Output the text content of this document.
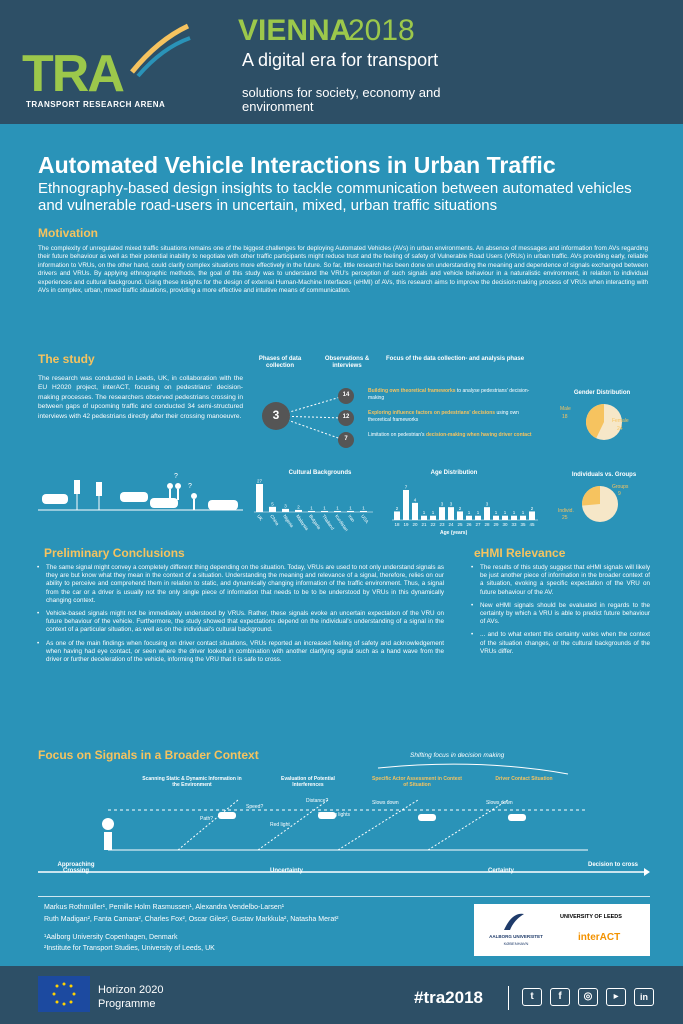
TRA
TRANSPORT RESEARCH ARENA
VIENNA
2018
A digital era for transport
solutions for society, economy and environment
Automated Vehicle Interactions in Urban Traffic
Ethnography-based design insights to tackle communication between automated vehicles and vulnerable road-users in uncertain, mixed, urban traffic situations
Motivation
The complexity of unregulated mixed traffic situations remains one of the biggest challenges for deploying Automated Vehicles (AVs) in urban environments. An absence of messages and information from AVs regarding their future behaviour as well as their potential inability to negotiate with other traffic participants might reduce trust and the feeling of safety of Vulnerable Road Users (VRUs) in urban traffic. AVs providing early, reliable information to VRUs, on the other hand, could clarify complex situations more effectively in the future. So far, little research has been done on understanding the meaning and dependence of signals exchanged between drivers and VRUs. By applying ethnographic methods, the goal of this study was to understand the VRU's perception of such signals and vehicle behaviour in a naturalistic environment, in relation to individual experiences and cultural background. Using these insights for the design of external Human-Machine Interfaces (eHMI) of AVs, this research aims to improve the decision-making process of VRUs when interacting with AVs in complex, urban, mixed traffic situations, providing a more effective and intuitive means of communication.
The study
The research was conducted in Leeds, UK, in collaboration with the EU H2020 project, interACT, focusing on pedestrians' decision-making processes. The researchers observed pedestrians crossing in between gaps of upcoming traffic and conducted 34 semi-structured interviews with 42 pedestrians directly after their crossing manoeuvre.
?
?
Phases of data collection
Observations & interviews
Focus of the data collection- and analysis phase
3
14
12
7
Building own theoretical frameworks to analyse pedestrians' decision-making
Exploring influence factors on pedestrians' decisions using own theoretical frameworks
Limitation on pedestrian's decision-making when having driver contact
Gender Distribution
Male
18
Female
24
Individuals vs. Groups
Groups
9
Individ.
25
Cultural Backgrounds
27
UK
5
China
3
Nigeria
2
Malaysia
1
Bulgaria
1
Thailand
1
Kurdistan
1
Iran
1
USA
Age Distribution
2
18
7
19
4
20
1
21
1
22
3
23
3
24
2
25
1
26
1
27
3
28
1
29
1
30
1
33
1
35
2
45
Age (years)
Preliminary Conclusions
• The same signal might convey a completely different thing depending on the situation. Today, VRUs are used to not only understand signals as they are but know what they mean in the context of a situation. Understanding the meaning and relevance of a signal, therefore, relies on our ability to perceive and comprehend them in relation to static, and dynamically changing information of the traffic environment. Thus, a signal from the car or a driver is usually not the only single piece of information that needs to be to be understood by VRUs in this dynamically changing context.
• Vehicle-based signals might not be immediately understood by VRUs. Rather, these signals evoke an uncertain expectation of the VRU on future behaviour of the vehicle. Furthermore, the study showed that expectations depend on the individual's understanding of a signal in the context of a particular situation, as well as on the individual's cultural background.
• As one of the main findings when focusing on driver contact situations, VRUs reported an increased feeling of safety and acknowledgement when having had eye contact, or seen where the driver looked in combination with another clarifying signal such as a hand wave from the driver or further deceleration of the vehicle, informing the VRU that it is safe to cross.
eHMI Relevance
• The results of this study suggest that eHMI signals will likely be just another piece of information in the broader context of a situation, evoking a specific expectation of the VRU on future behaviour of the AV.
• New eHMI signals should be evaluated in regards to the certainty by which a VRU is able to predict future behaviour of AVs.
• ... and to what extent this certainty varies when the context of the situation changes, or the cultural backgrounds of the VRUs differ.
Focus on Signals in a Broader Context	Shifting focus in decision making
Scanning Static & Dynamic Information in the Environment
Evaluation of Potential Interferences
Specific Actor Assessment in Context of Situation
Driver Contact Situation
Path?
Speed?
Distance?
Red light
Flashing lights
Slows down	Slows down
Approaching Crossing	Uncertainty	Certainty
Decision to cross
Markus Rothmüller¹, Pernille Holm Rasmussen¹, Alexandra Vendelbo-Larsen¹
Ruth Madigan², Fanta Camara², Charles Fox², Oscar Giles², Gustav Markkula², Natasha Merat²
¹Aalborg University Copenhagen, Denmark
²Institute for Transport Studies, University of Leeds, UK
AALBORG UNIVERSITET
KØBENHAVN
UNIVERSITY OF LEEDS
interACT
Horizon 2020
Programme	#tra2018	t	f	◎	▶	in
